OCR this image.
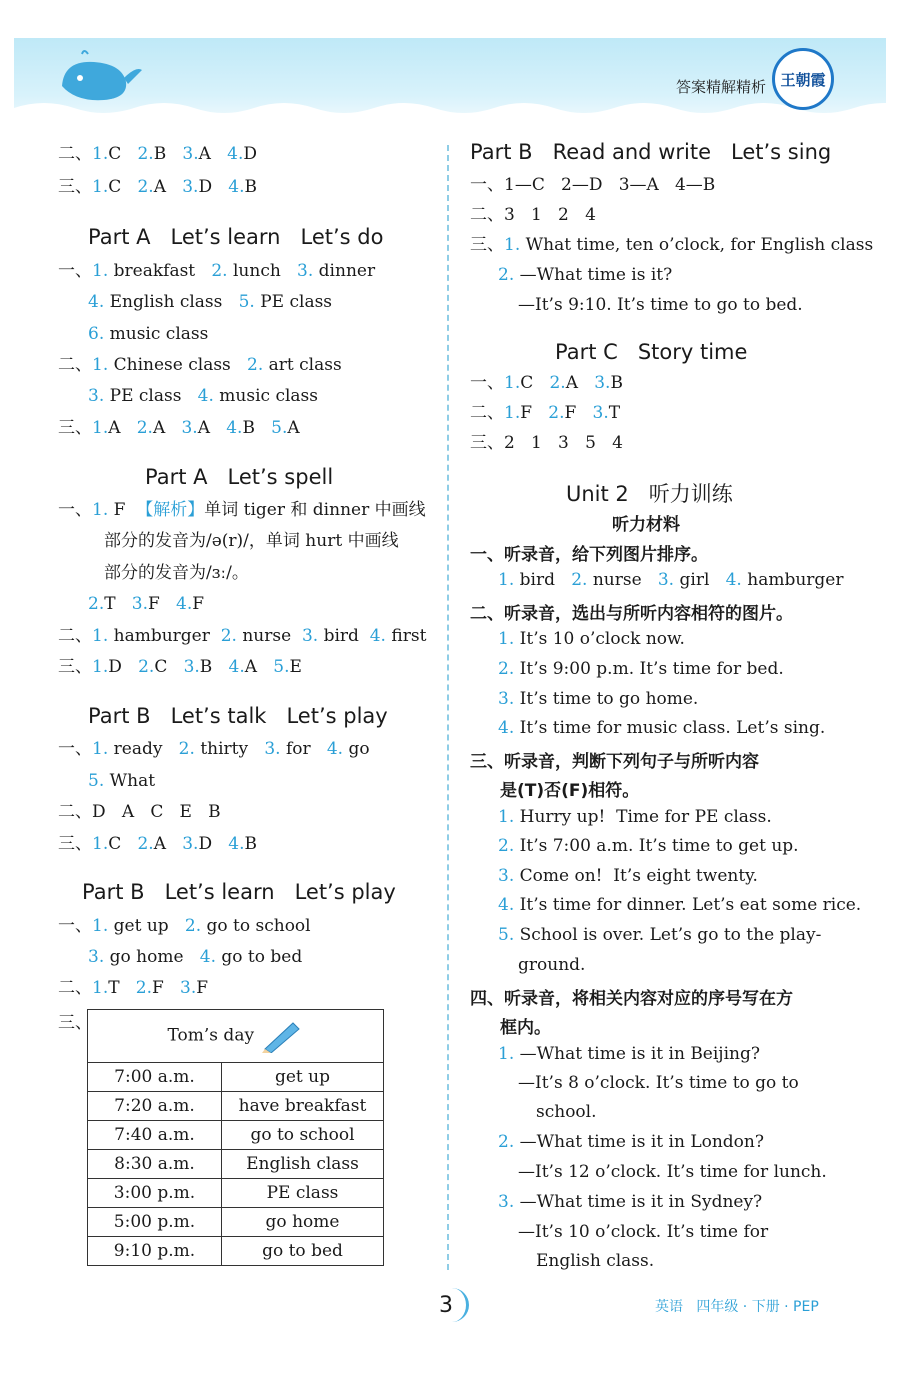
答案精解精析 王朝霞
二、1.C 2.B 3.A 4.D
三、1.C 2.A 3.D 4.B
Part A   Let’s learn   Let’s do
一、1. breakfast 2. lunch 3. dinner
4. English class 5. PE class
6. music class
二、1. Chinese class 2. art class
3. PE class 4. music class
三、1.A 2.A 3.A 4.B 5.A
Part A   Let’s spell
一、1. F 【解析】单词 tiger 和 dinner 中画线
部分的发音为/ə(r)/，单词 hurt 中画线
部分的发音为/ɜː/。
2.T 3.F 4.F
二、1. hamburger 2. nurse 3. bird 4. first
三、1.D 2.C 3.B 4.A 5.E
Part B   Let’s talk   Let’s play
一、1. ready 2. thirty 3. for 4. go
5. What
二、D   A   C   E   B
三、1.C 2.A 3.D 4.B
Part B   Let’s learn   Let’s play
一、1. get up 2. go to school
3. go home 4. go to bed
二、1.T 2.F 3.F
三、
Tom’s day	
7:00 a.m.	get up
7:20 a.m.	have breakfast
7:40 a.m.	go to school
8:30 a.m.	English class
3:00 p.m.	PE class
5:00 p.m.	go home
9:10 p.m.	go to bed
Part B   Read and write   Let’s sing
一、1—C   2—D   3—A   4—B
二、3   1   2   4
三、1. What time, ten o’clock, for English class
2. —What time is it?
—It’s 9:10. It’s time to go to bed.
Part C   Story time
一、1.C 2.A 3.B
二、1.F 2.F 3.T
三、2   1   3   5   4
Unit 2   听力训练
听力材料
一、听录音，给下列图片排序。
1. bird 2. nurse 3. girl 4. hamburger
二、听录音，选出与所听内容相符的图片。
1. It’s 10 o’clock now.
2. It’s 9:00 p.m. It’s time for bed.
3. It’s time to go home.
4. It’s time for music class. Let’s sing.
三、听录音，判断下列句子与所听内容
是(T)否(F)相符。
1. Hurry up!  Time for PE class.
2. It’s 7:00 a.m. It’s time to get up.
3. Come on!  It’s eight twenty.
4. It’s time for dinner. Let’s eat some rice.
5. School is over. Let’s go to the play-
ground.
四、听录音，将相关内容对应的序号写在方
框内。
1. —What time is it in Beijing?
—It’s 8 o’clock. It’s time to go to
school.
2. —What time is it in London?
—It’s 12 o’clock. It’s time for lunch.
3. —What time is it in Sydney?
—It’s 10 o’clock. It’s time for
English class.
3	英语   四年级 · 下册 · PEP
